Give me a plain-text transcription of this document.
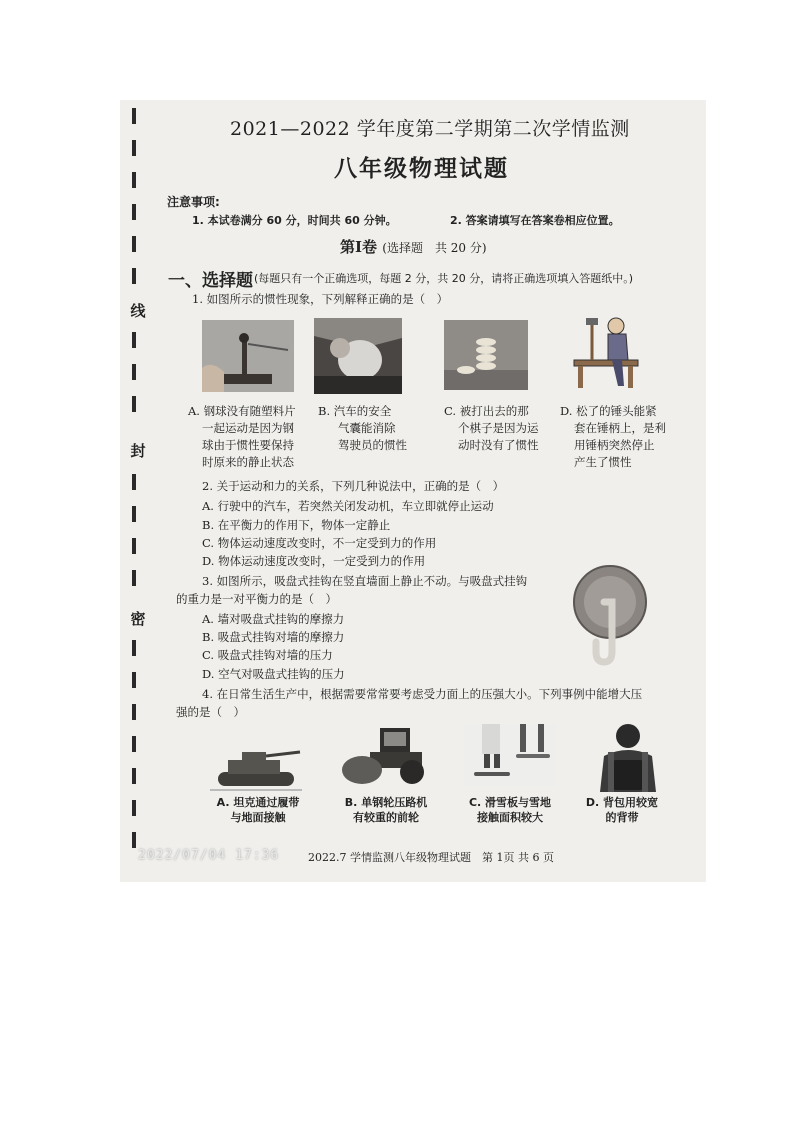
线
封
密
2021—2022 学年度第二学期第二次学情监测
八年级物理试题
注意事项:
1. 本试卷满分 60 分，时间共 60 分钟。	2. 答案请填写在答案卷相应位置。
第Ⅰ卷 (选择题　共 20 分)
一、选择题 (每题只有一个正确选项，每题 2 分，共 20 分，请将正确选项填入答题纸中。)
1. 如图所示的惯性现象，下列解释正确的是（　）
A. 钢球没有随塑料片
一起运动是因为钢
球由于惯性要保持
时原来的静止状态
B. 汽车的安全
气囊能消除
驾驶员的惯性
C. 被打出去的那
个棋子是因为运
动时没有了惯性
D. 松了的锤头能紧
套在锤柄上，是利
用锤柄突然停止
产生了惯性
2. 关于运动和力的关系，下列几种说法中，正确的是（　）
A. 行驶中的汽车，若突然关闭发动机，车立即就停止运动
B. 在平衡力的作用下，物体一定静止
C. 物体运动速度改变时，不一定受到力的作用
D. 物体运动速度改变时，一定受到力的作用
3. 如图所示，吸盘式挂钩在竖直墙面上静止不动。与吸盘式挂钩
的重力是一对平衡力的是（　）
A. 墙对吸盘式挂钩的摩擦力
B. 吸盘式挂钩对墙的摩擦力
C. 吸盘式挂钩对墙的压力
D. 空气对吸盘式挂钩的压力
4. 在日常生活生产中，根据需要常常要考虑受力面上的压强大小。下列事例中能增大压
强的是（　）
A. 坦克通过履带
与地面接触
B. 单钢轮压路机
有较重的前轮
C. 滑雪板与雪地
接触面积较大
D. 背包用较宽
的背带
2022/07/04 17:36	2022.7 学情监测八年级物理试题　第 1页 共 6 页
